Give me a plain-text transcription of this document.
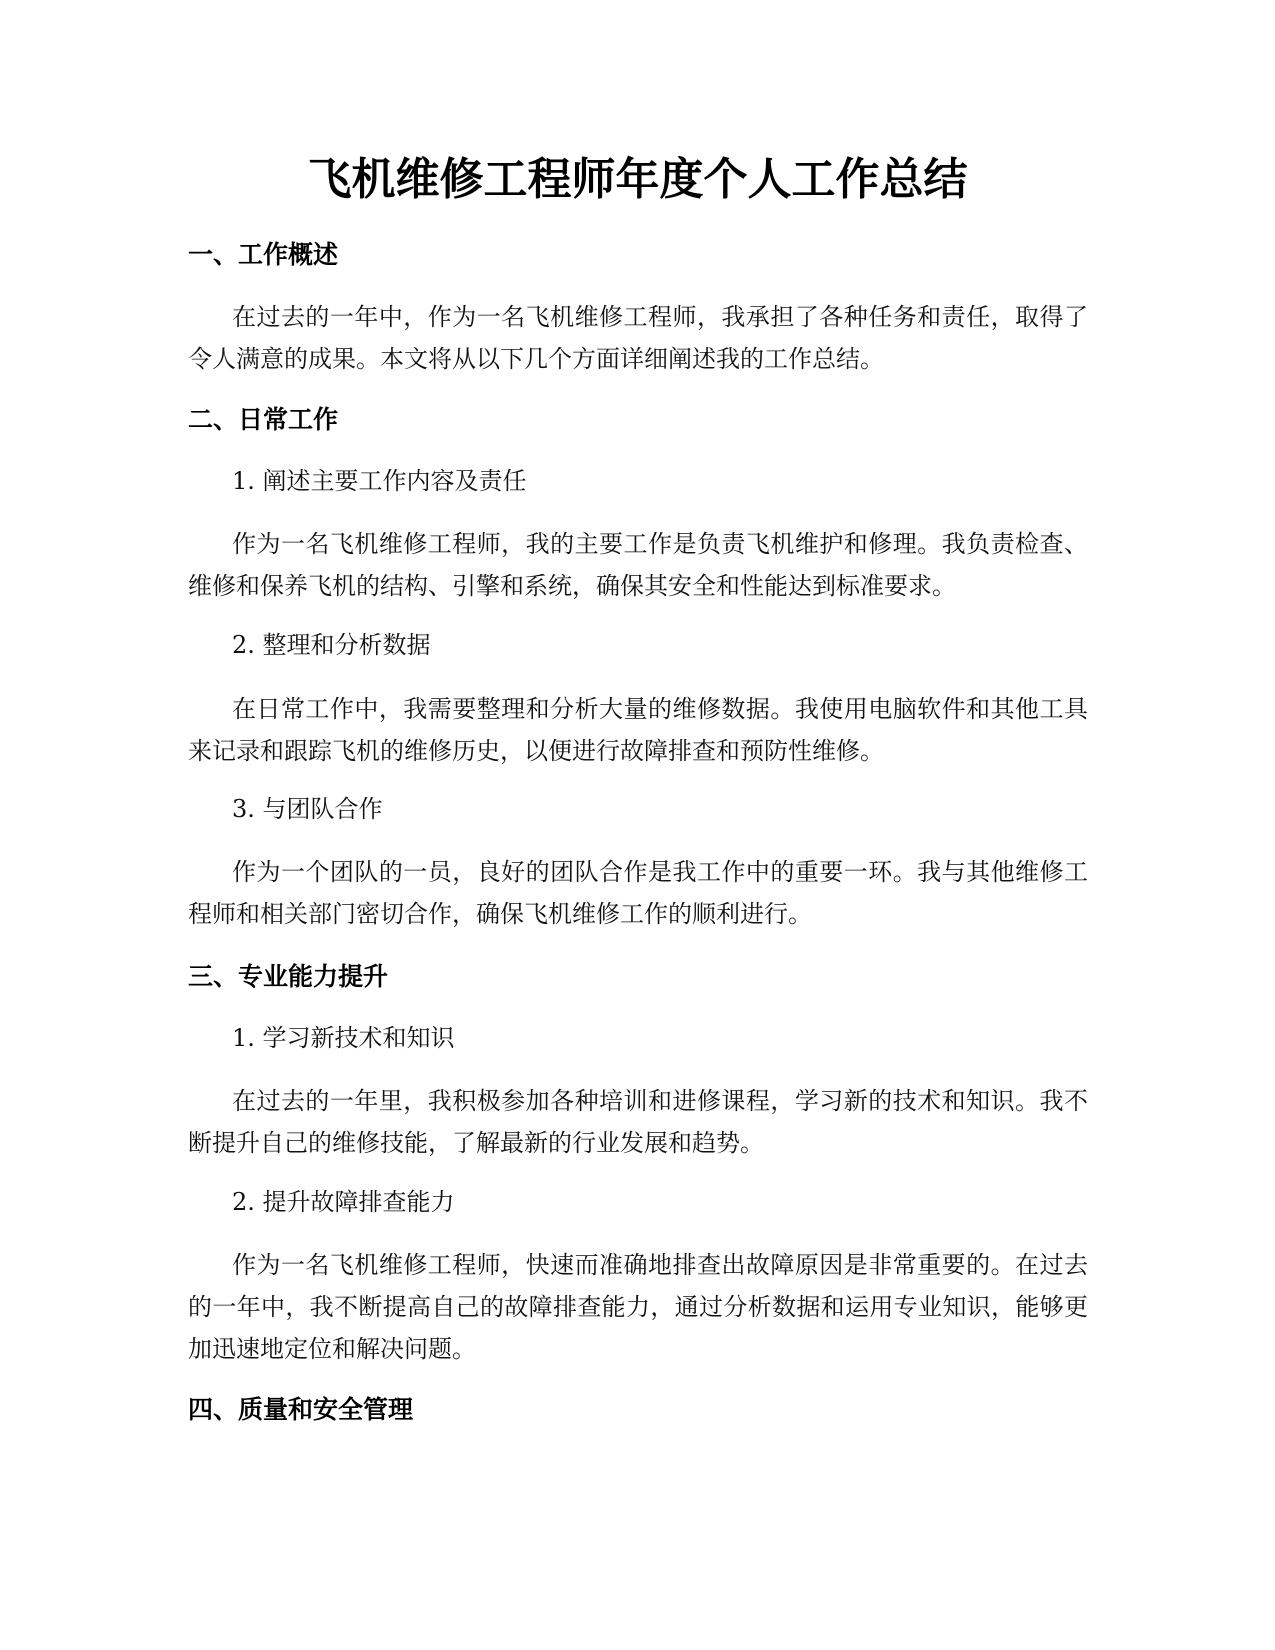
飞机维修工程师年度个人工作总结
一、工作概述

在过去的一年中，作为一名飞机维修工程师，我承担了各种任务和责任，取得了令人满意的成果。本文将从以下几个方面详细阐述我的工作总结。

二、日常工作

1. 阐述主要工作内容及责任

作为一名飞机维修工程师，我的主要工作是负责飞机维护和修理。我负责检查、维修和保养飞机的结构、引擎和系统，确保其安全和性能达到标准要求。

2. 整理和分析数据

在日常工作中，我需要整理和分析大量的维修数据。我使用电脑软件和其他工具来记录和跟踪飞机的维修历史，以便进行故障排查和预防性维修。

3. 与团队合作

作为一个团队的一员，良好的团队合作是我工作中的重要一环。我与其他维修工程师和相关部门密切合作，确保飞机维修工作的顺利进行。

三、专业能力提升

1. 学习新技术和知识

在过去的一年里，我积极参加各种培训和进修课程，学习新的技术和知识。我不断提升自己的维修技能，了解最新的行业发展和趋势。

2. 提升故障排查能力

作为一名飞机维修工程师，快速而准确地排查出故障原因是非常重要的。在过去的一年中，我不断提高自己的故障排查能力，通过分析数据和运用专业知识，能够更加迅速地定位和解决问题。

四、质量和安全管理
